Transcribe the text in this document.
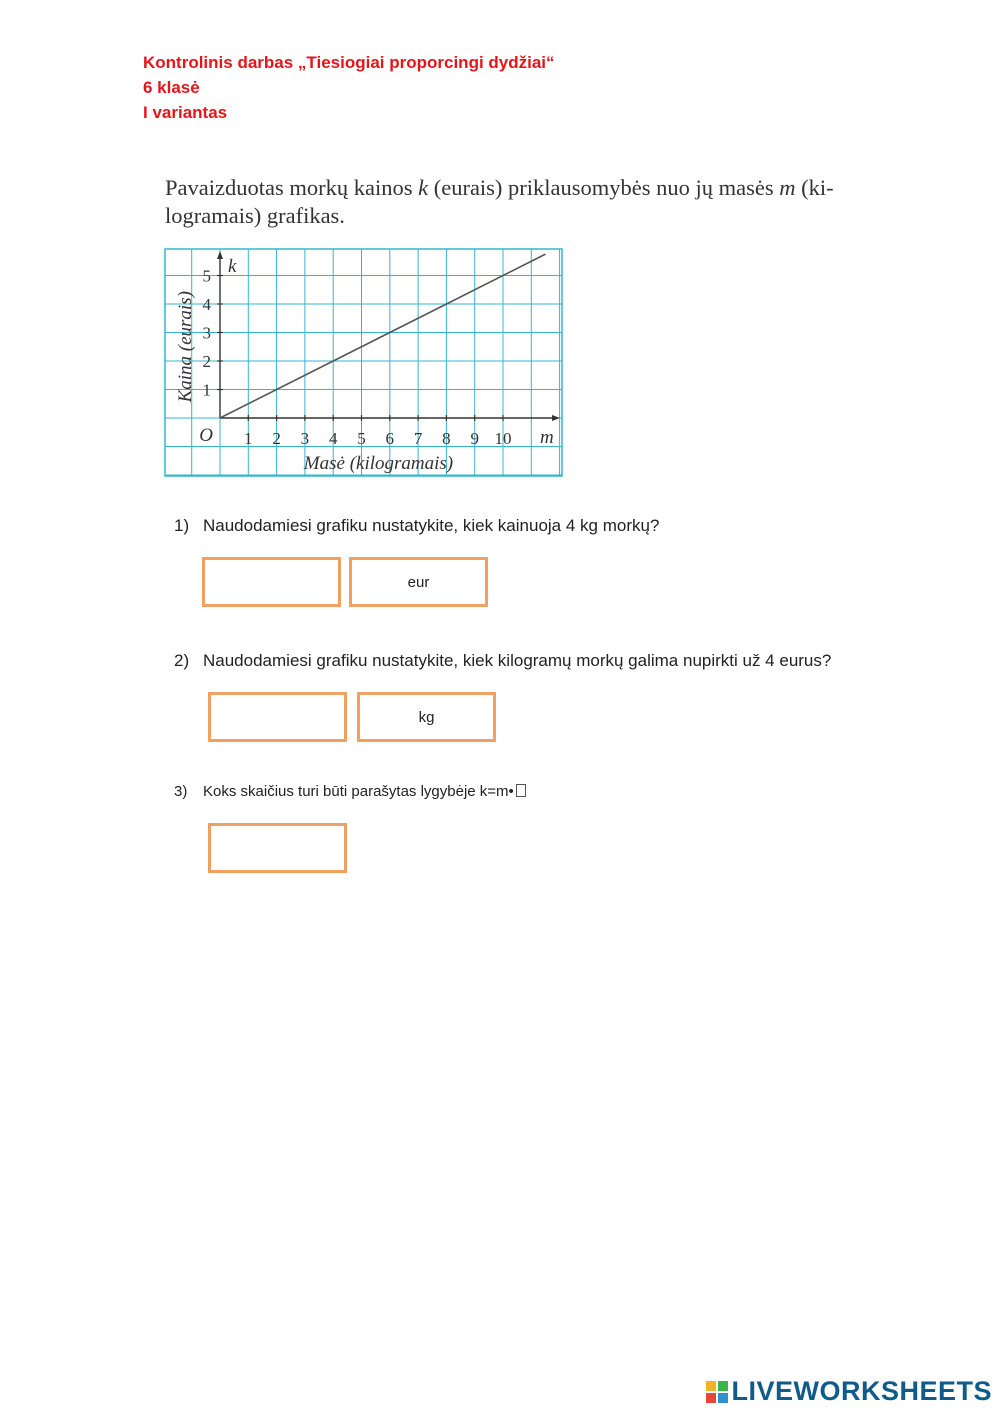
Kontrolinis darbas „Tiesiogiai proporcingi dydžiai“
6 klasė
I variantas
Pavaizduotas morkų kainos k (eurais) priklausomybės nuo jų masės m (ki-logramais) grafikas.
1 2 3 4 5 6 7 8 9 10
1
2
3
4
5
O
k
m
Masė (kilogramais)
Kaina (eurais)
1) Naudodamiesi grafiku nustatykite, kiek kainuoja 4 kg morkų?
eur
2) Naudodamiesi grafiku nustatykite, kiek kilogramų morkų galima nupirkti už 4 eurus?
kg
3) Koks skaičius turi būti parašytas lygybėje k=m•
LIVEWORKSHEETS
